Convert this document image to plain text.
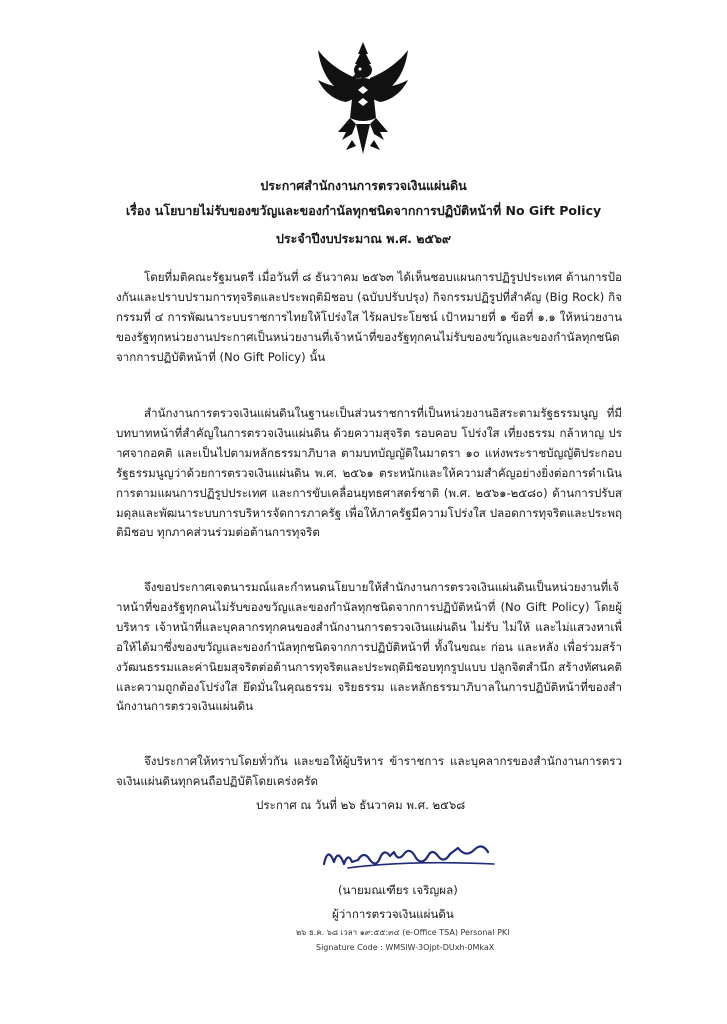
ประกาศสำนักงานการตรวจเงินแผ่นดิน
เรื่อง นโยบายไม่รับของขวัญและของกำนัลทุกชนิดจากการปฏิบัติหน้าที่ No Gift Policy
ประจำปีงบประมาณ พ.ศ. ๒๕๖๙

โดยที่มติคณะรัฐมนตรี เมื่อวันที่ ๘ ธันวาคม ๒๕๖๓ ได้เห็นชอบแผนการปฏิรูปประเทศ ด้านการป้องกันและปราบปรามการทุจริตและประพฤติมิชอบ (ฉบับปรับปรุง) กิจกรรมปฏิรูปที่สำคัญ (Big Rock) กิจกรรมที่ ๔ การพัฒนาระบบราชการไทยให้โปร่งใส ไร้ผลประโยชน์ เป้าหมายที่ ๑ ข้อที่ ๑.๑ ให้หน่วยงานของรัฐทุกหน่วยงานประกาศเป็นหน่วยงานที่เจ้าหน้าที่ของรัฐทุกคนไม่รับของขวัญและของกำนัลทุกชนิดจากการปฏิบัติหน้าที่ (No Gift Policy) นั้น

สำนักงานการตรวจเงินแผ่นดินในฐานะเป็นส่วนราชการที่เป็นหน่วยงานอิสระตามรัฐธรรมนูญ ที่มีบทบาทหน้าที่สำคัญในการตรวจเงินแผ่นดิน ด้วยความสุจริต รอบคอบ โปร่งใส เที่ยงธรรม กล้าหาญ ปราศจากอคติ และเป็นไปตามหลักธรรมาภิบาล ตามบทบัญญัติในมาตรา ๑๐ แห่งพระราชบัญญัติประกอบรัฐธรรมนูญว่าด้วยการตรวจเงินแผ่นดิน พ.ศ. ๒๕๖๑ ตระหนักและให้ความสำคัญอย่างยิ่งต่อการดำเนินการตามแผนการปฏิรูปประเทศ และการขับเคลื่อนยุทธศาสตร์ชาติ (พ.ศ. ๒๕๖๑-๒๕๘๐) ด้านการปรับสมดุลและพัฒนาระบบการบริหารจัดการภาครัฐ เพื่อให้ภาครัฐมีความโปร่งใส ปลอดการทุจริตและประพฤติมิชอบ ทุกภาคส่วนร่วมต่อต้านการทุจริต

จึงขอประกาศเจตนารมณ์และกำหนดนโยบายให้สำนักงานการตรวจเงินแผ่นดินเป็นหน่วยงานที่เจ้าหน้าที่ของรัฐทุกคนไม่รับของขวัญและของกำนัลทุกชนิดจากการปฏิบัติหน้าที่ (No Gift Policy) โดยผู้บริหาร เจ้าหน้าที่และบุคลากรทุกคนของสำนักงานการตรวจเงินแผ่นดิน ไม่รับ ไม่ให้ และไม่แสวงหาเพื่อให้ได้มาซึ่งของขวัญและของกำนัลทุกชนิดจากการปฏิบัติหน้าที่ ทั้งในขณะ ก่อน และหลัง เพื่อร่วมสร้างวัฒนธรรมและค่านิยมสุจริตต่อต้านการทุจริตและประพฤติมิชอบทุกรูปแบบ ปลูกจิตสำนึก สร้างทัศนคติ และความถูกต้องโปร่งใส ยึดมั่นในคุณธรรม จริยธรรม และหลักธรรมาภิบาลในการปฏิบัติหน้าที่ของสำนักงานการตรวจเงินแผ่นดิน

จึงประกาศให้ทราบโดยทั่วกัน และขอให้ผู้บริหาร ข้าราชการ และบุคลากรของสำนักงานการตรวจเงินแผ่นดินทุกคนถือปฏิบัติโดยเคร่งครัด

ประกาศ ณ วันที่ ๒๖ ธันวาคม พ.ศ. ๒๕๖๘
(นายมณเฑียร เจริญผล)
ผู้ว่าการตรวจเงินแผ่นดิน
๒๖ ธ.ค. ๖๘ เวลา ๑๙:๕๕:๓๔ (e-Office TSA) Personal PKI
Signature Code : WMSlW-3Ojpt-DUxh-0MkaX
